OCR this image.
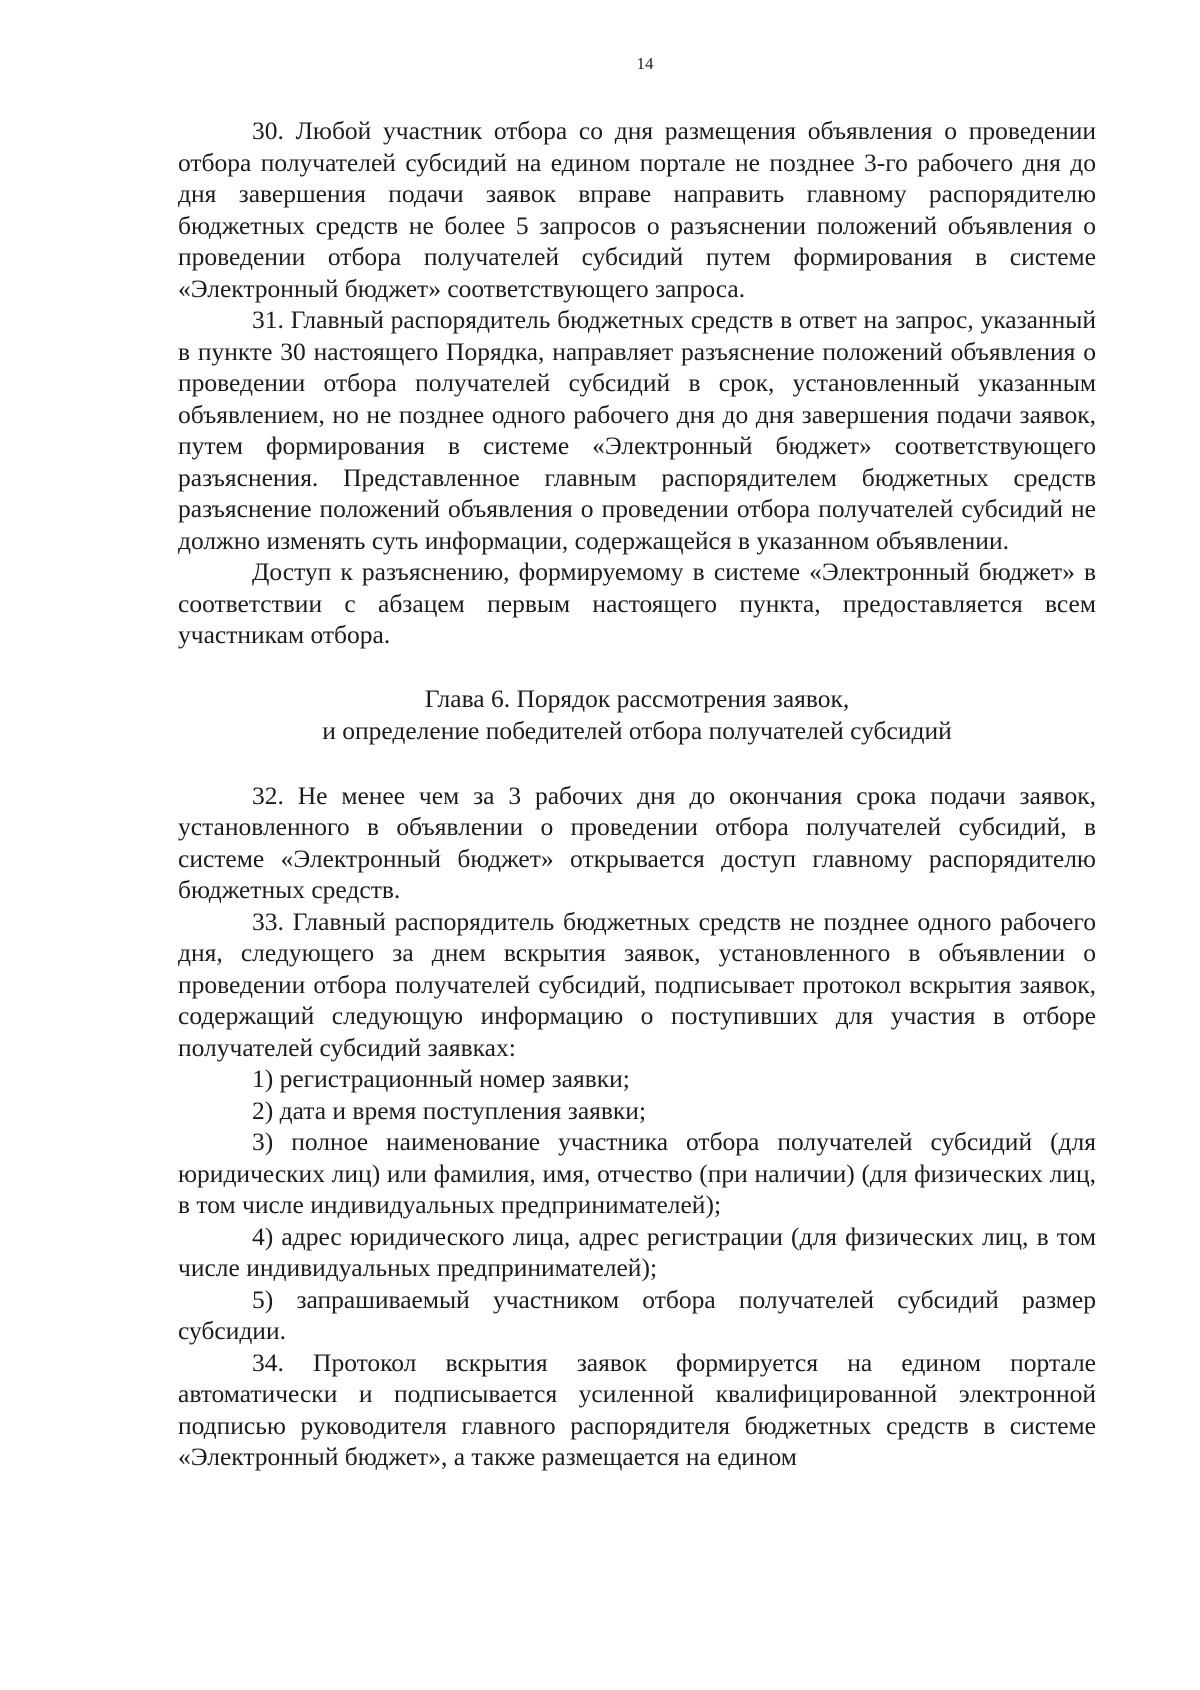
14

30. Любой участник отбора со дня размещения объявления о проведении отбора получателей субсидий на едином портале не позднее 3-го рабочего дня до дня завершения подачи заявок вправе направить главному распорядителю бюджетных средств не более 5 запросов о разъяснении положений объявления о проведении отбора получателей субсидий путем формирования в системе «Электронный бюджет» соответствующего запроса.

31. Главный распорядитель бюджетных средств в ответ на запрос, указанный в пункте 30 настоящего Порядка, направляет разъяснение положений объявления о проведении отбора получателей субсидий в срок, установленный указанным объявлением, но не позднее одного рабочего дня до дня завершения подачи заявок, путем формирования в системе «Электронный бюджет» соответствующего разъяснения. Представленное главным распорядителем бюджетных средств разъяснение положений объявления о проведении отбора получателей субсидий не должно изменять суть информации, содержащейся в указанном объявлении.

Доступ к разъяснению, формируемому в системе «Электронный бюджет» в соответствии с абзацем первым настоящего пункта, предоставляется всем участникам отбора.

Глава 6. Порядок рассмотрения заявок,
и определение победителей отбора получателей субсидий

32. Не менее чем за 3 рабочих дня до окончания срока подачи заявок, установленного в объявлении о проведении отбора получателей субсидий, в системе «Электронный бюджет» открывается доступ главному распорядителю бюджетных средств.

33. Главный распорядитель бюджетных средств не позднее одного рабочего дня, следующего за днем вскрытия заявок, установленного в объявлении о проведении отбора получателей субсидий, подписывает протокол вскрытия заявок, содержащий следующую информацию о поступивших для участия в отборе получателей субсидий заявках:

1) регистрационный номер заявки;

2) дата и время поступления заявки;

3) полное наименование участника отбора получателей субсидий (для юридических лиц) или фамилия, имя, отчество (при наличии) (для физических лиц, в том числе индивидуальных предпринимателей);

4) адрес юридического лица, адрес регистрации (для физических лиц, в том числе индивидуальных предпринимателей);

5) запрашиваемый участником отбора получателей субсидий размер субсидии.

34. Протокол вскрытия заявок формируется на едином портале автоматически и подписывается усиленной квалифицированной электронной подписью руководителя главного распорядителя бюджетных средств в системе «Электронный бюджет», а также размещается на едином
